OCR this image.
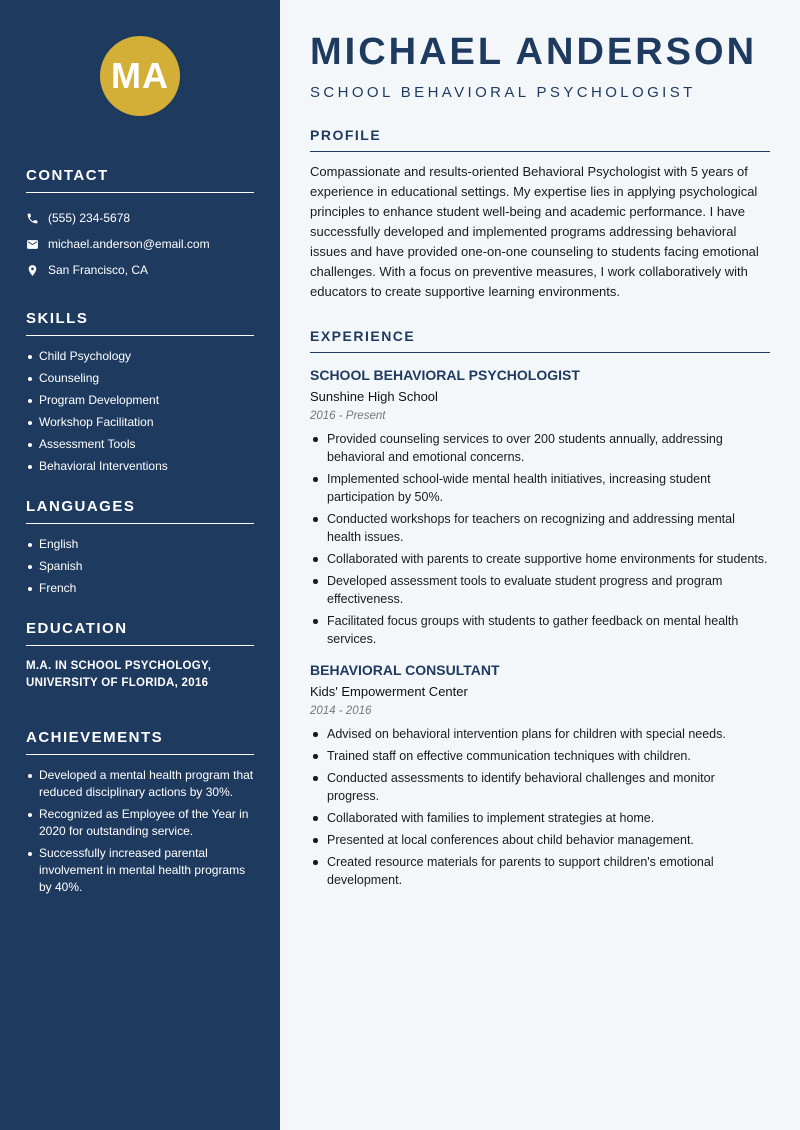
MA
CONTACT
(555) 234-5678
michael.anderson@email.com
San Francisco, CA
SKILLS
Child Psychology
Counseling
Program Development
Workshop Facilitation
Assessment Tools
Behavioral Interventions
LANGUAGES
English
Spanish
French
EDUCATION
M.A. IN SCHOOL PSYCHOLOGY,
UNIVERSITY OF FLORIDA, 2016
ACHIEVEMENTS
Developed a mental health program that reduced disciplinary actions by 30%.
Recognized as Employee of the Year in 2020 for outstanding service.
Successfully increased parental involvement in mental health programs by 40%.
MICHAEL ANDERSON
SCHOOL BEHAVIORAL PSYCHOLOGIST
PROFILE
Compassionate and results-oriented Behavioral Psychologist with 5 years of experience in educational settings. My expertise lies in applying psychological principles to enhance student well-being and academic performance. I have successfully developed and implemented programs addressing behavioral issues and have provided one-on-one counseling to students facing emotional challenges. With a focus on preventive measures, I work collaboratively with educators to create supportive learning environments.
EXPERIENCE
SCHOOL BEHAVIORAL PSYCHOLOGIST
Sunshine High School
2016 - Present
Provided counseling services to over 200 students annually, addressing behavioral and emotional concerns.
Implemented school-wide mental health initiatives, increasing student participation by 50%.
Conducted workshops for teachers on recognizing and addressing mental health issues.
Collaborated with parents to create supportive home environments for students.
Developed assessment tools to evaluate student progress and program effectiveness.
Facilitated focus groups with students to gather feedback on mental health services.
BEHAVIORAL CONSULTANT
Kids' Empowerment Center
2014 - 2016
Advised on behavioral intervention plans for children with special needs.
Trained staff on effective communication techniques with children.
Conducted assessments to identify behavioral challenges and monitor progress.
Collaborated with families to implement strategies at home.
Presented at local conferences about child behavior management.
Created resource materials for parents to support children's emotional development.
